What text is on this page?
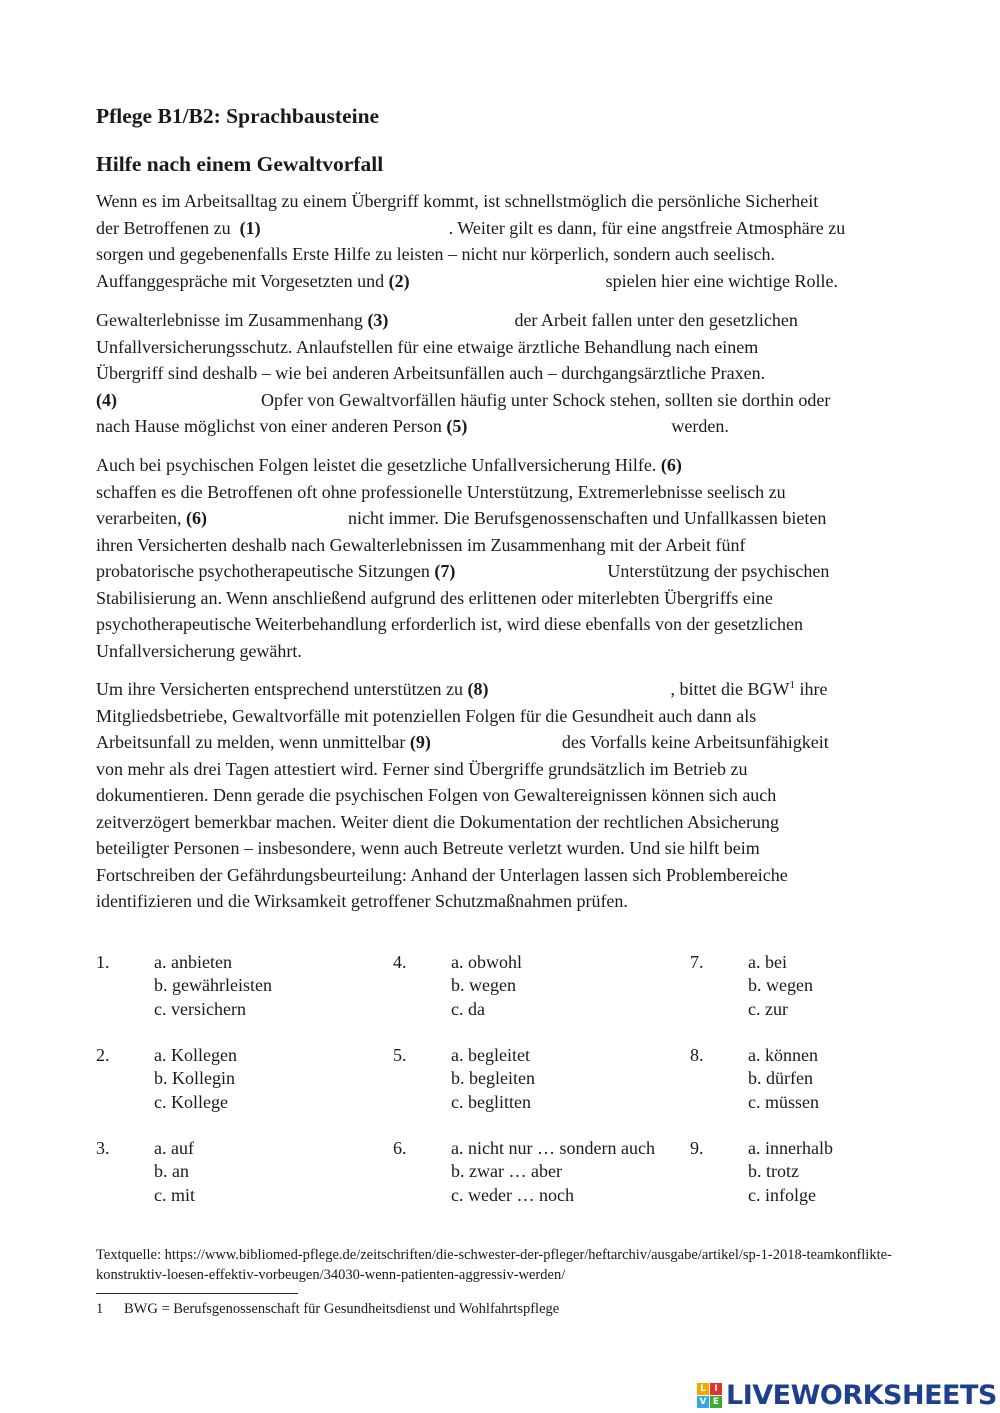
Pflege B1/B2: Sprachbausteine
Hilfe nach einem Gewaltvorfall
Wenn es im Arbeitsalltag zu einem Übergriff kommt, ist schnellstmöglich die persönliche Sicherheit
der Betroffenen zu (1)	. Weiter gilt es dann, für eine angstfreie Atmosphäre zu
sorgen und gegebenenfalls Erste Hilfe zu leisten – nicht nur körperlich, sondern auch seelisch.
Auffanggespräche mit Vorgesetzten und (2)	spielen hier eine wichtige Rolle.
Gewalterlebnisse im Zusammenhang (3)	der Arbeit fallen unter den gesetzlichen
Unfallversicherungsschutz. Anlaufstellen für eine etwaige ärztliche Behandlung nach einem
Übergriff sind deshalb – wie bei anderen Arbeitsunfällen auch – durchgangsärztliche Praxen.
(4)	Opfer von Gewaltvorfällen häufig unter Schock stehen, sollten sie dorthin oder
nach Hause möglichst von einer anderen Person (5)	werden.
Auch bei psychischen Folgen leistet die gesetzliche Unfallversicherung Hilfe. (6)
schaffen es die Betroffenen oft ohne professionelle Unterstützung, Extremerlebnisse seelisch zu
verarbeiten, (6)	nicht immer. Die Berufsgenossenschaften und Unfallkassen bieten
ihren Versicherten deshalb nach Gewalterlebnissen im Zusammenhang mit der Arbeit fünf
probatorische psychotherapeutische Sitzungen (7)	Unterstützung der psychischen
Stabilisierung an. Wenn anschließend aufgrund des erlittenen oder miterlebten Übergriffs eine
psychotherapeutische Weiterbehandlung erforderlich ist, wird diese ebenfalls von der gesetzlichen
Unfallversicherung gewährt.
Um ihre Versicherten entsprechend unterstützen zu (8)	, bittet die BGW$^1$ ihre
Mitgliedsbetriebe, Gewaltvorfälle mit potenziellen Folgen für die Gesundheit auch dann als
Arbeitsunfall zu melden, wenn unmittelbar (9)	des Vorfalls keine Arbeitsunfähigkeit
von mehr als drei Tagen attestiert wird. Ferner sind Übergriffe grundsätzlich im Betrieb zu
dokumentieren. Denn gerade die psychischen Folgen von Gewaltereignissen können sich auch
zeitverzögert bemerkbar machen. Weiter dient die Dokumentation der rechtlichen Absicherung
beteiligter Personen – insbesondere, wenn auch Betreute verletzt wurden. Und sie hilft beim
Fortschreiben der Gefährdungsbeurteilung: Anhand der Unterlagen lassen sich Problembereiche
identifizieren und die Wirksamkeit getroffener Schutzmaßnahmen prüfen.
1. a. anbieten
b. gewährleisten
c. versichern
4. a. obwohl
b. wegen
c. da
7. a. bei
b. wegen
c. zur
2. a. Kollegen
b. Kollegin
c. Kollege
5. a. begleitet
b. begleiten
c. beglitten
8. a. können
b. dürfen
c. müssen
3. a. auf
b. an
c. mit
6. a. nicht nur … sondern auch
b. zwar … aber
c. weder … noch
9. a. innerhalb
b. trotz
c. infolge
Textquelle: https://www.bibliomed-pflege.de/zeitschriften/die-schwester-der-pfleger/heftarchiv/ausgabe/artikel/sp-1-2018-teamkonflikte-konstruktiv-loesen-effektiv-vorbeugen/34030-wenn-patienten-aggressiv-werden/
1 BWG = Berufsgenossenschaft für Gesundheitsdienst und Wohlfahrtspflege
L I
V E LIVEWORKSHEETS
